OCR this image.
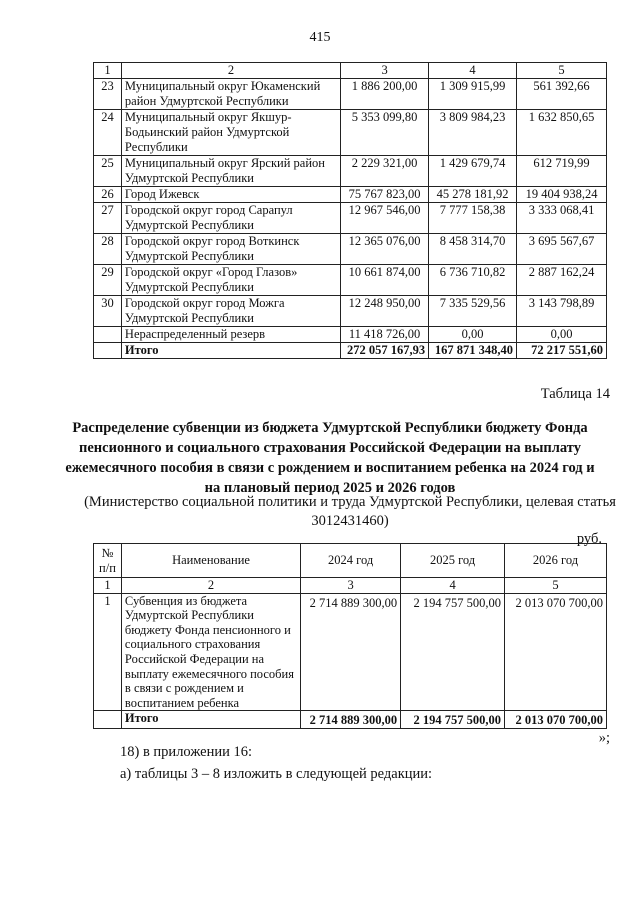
415
1	2	3	4	5
23	Муниципальный округ Юкаменский район Удмуртской Республики	1 886 200,00	1 309 915,99	561 392,66
24	Муниципальный округ Якшур-Бодьинский район Удмуртской Республики	5 353 099,80	3 809 984,23	1 632 850,65
25	Муниципальный округ Ярский район Удмуртской Республики	2 229 321,00	1 429 679,74	612 719,99
26	Город Ижевск	75 767 823,00	45 278 181,92	19 404 938,24
27	Городской округ город Сарапул Удмуртской Республики	12 967 546,00	7 777 158,38	3 333 068,41
28	Городской округ город Воткинск Удмуртской Республики	12 365 076,00	8 458 314,70	3 695 567,67
29	Городской округ «Город Глазов» Удмуртской Республики	10 661 874,00	6 736 710,82	2 887 162,24
30	Городской округ город Можга Удмуртской Республики	12 248 950,00	7 335 529,56	3 143 798,89
	Нераспределенный резерв	11 418 726,00	0,00	0,00
	Итого	272 057 167,93	167 871 348,40	72 217 551,60
Таблица 14
Распределение субвенции из бюджета Удмуртской Республики бюджету Фонда пенсионного и социального страхования Российской Федерации на выплату ежемесячного пособия в связи с рождением и воспитанием ребенка на 2024 год и на плановый период 2025 и 2026 годов
(Министерство социальной политики и труда Удмуртской Республики, целевая статья 3012431460)
руб.
№ п/п	Наименование	2024 год	2025 год	2026 год
1	2	3	4	5
1	Субвенция из бюджета Удмуртской Республики бюджету Фонда пенсионного и социального страхования Российской Федерации на выплату ежемесячного пособия в связи с рождением и воспитанием ребенка	2 714 889 300,00	2 194 757 500,00	2 013 070 700,00
	Итого	2 714 889 300,00	2 194 757 500,00	2 013 070 700,00
»;
18) в приложении 16:
а) таблицы 3 – 8 изложить в следующей редакции:
